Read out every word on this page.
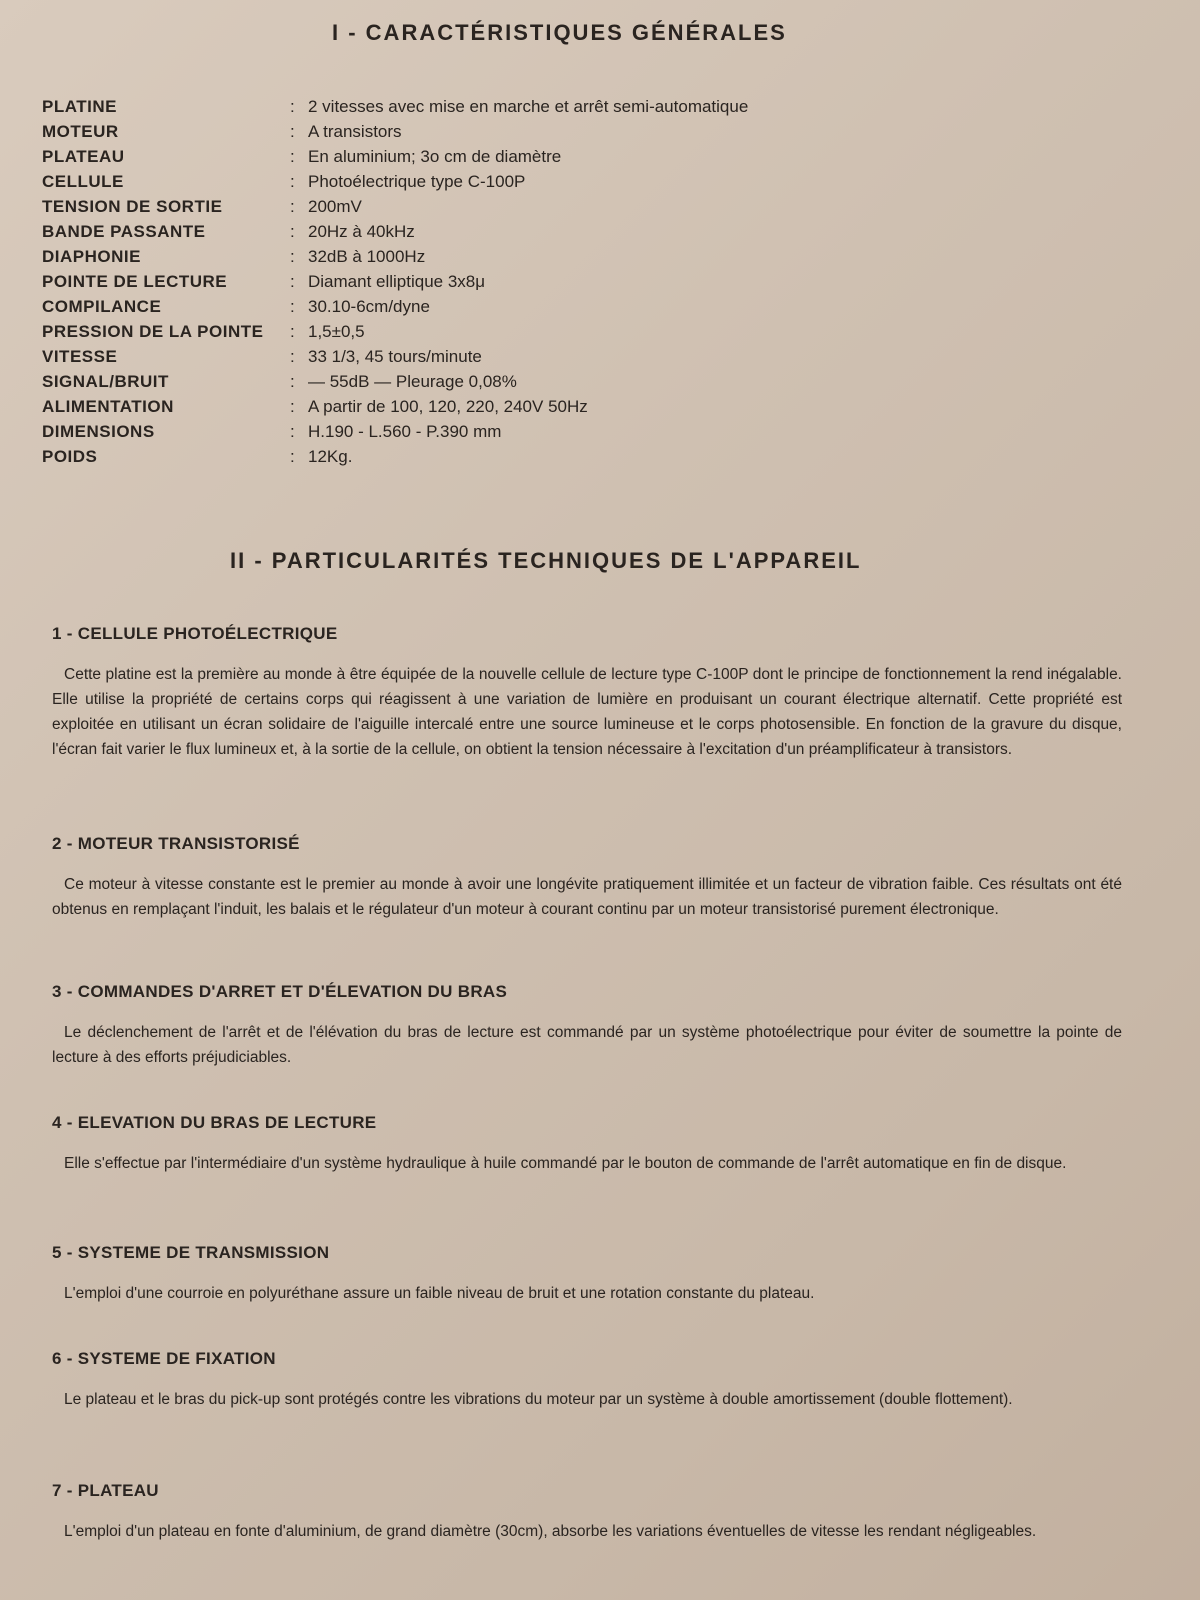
I - CARACTÉRISTIQUES GÉNÉRALES
PLATINE	: 2 vitesses avec mise en marche et arrêt semi-automatique
MOTEUR	: A transistors
PLATEAU	: En aluminium; 3o cm de diamètre
CELLULE	: Photoélectrique type C-100P
TENSION DE SORTIE	: 200mV
BANDE PASSANTE	: 20Hz à 40kHz
DIAPHONIE	: 32dB à 1000Hz
POINTE DE LECTURE	: Diamant elliptique 3x8μ
COMPILANCE	: 30.10-6cm/dyne
PRESSION DE LA POINTE	: 1,5±0,5
VITESSE	: 33 1/3, 45 tours/minute
SIGNAL/BRUIT	: — 55dB — Pleurage 0,08%
ALIMENTATION	: A partir de 100, 120, 220, 240V 50Hz
DIMENSIONS	: H.190 - L.560 - P.390 mm
POIDS	: 12Kg.
II - PARTICULARITÉS TECHNIQUES DE L'APPAREIL
1 - CELLULE PHOTOÉLECTRIQUE

Cette platine est la première au monde à être équipée de la nouvelle cellule de lecture type C-100P dont le principe de fonctionnement la rend inégalable. Elle utilise la propriété de certains corps qui réagissent à une variation de lumière en produisant un courant électrique alternatif. Cette propriété est exploitée en utilisant un écran solidaire de l'aiguille intercalé entre une source lumineuse et le corps photosensible. En fonction de la gravure du disque, l'écran fait varier le flux lumineux et, à la sortie de la cellule, on obtient la tension nécessaire à l'excitation d'un préamplificateur à transistors.

2 - MOTEUR TRANSISTORISÉ

Ce moteur à vitesse constante est le premier au monde à avoir une longévite pratiquement illimitée et un facteur de vibration faible. Ces résultats ont été obtenus en remplaçant l'induit, les balais et le régulateur d'un moteur à courant continu par un moteur transistorisé purement électronique.

3 - COMMANDES D'ARRET ET D'ÉLEVATION DU BRAS

Le déclenchement de l'arrêt et de l'élévation du bras de lecture est commandé par un système photoélectrique pour éviter de soumettre la pointe de lecture à des efforts préjudiciables.

4 - ELEVATION DU BRAS DE LECTURE

Elle s'effectue par l'intermédiaire d'un système hydraulique à huile commandé par le bouton de commande de l'arrêt automatique en fin de disque.

5 - SYSTEME DE TRANSMISSION

L'emploi d'une courroie en polyuréthane assure un faible niveau de bruit et une rotation constante du plateau.

6 - SYSTEME DE FIXATION

Le plateau et le bras du pick-up sont protégés contre les vibrations du moteur par un système à double amortissement (double flottement).

7 - PLATEAU

L'emploi d'un plateau en fonte d'aluminium, de grand diamètre (30cm), absorbe les variations éventuelles de vitesse les rendant négligeables.
